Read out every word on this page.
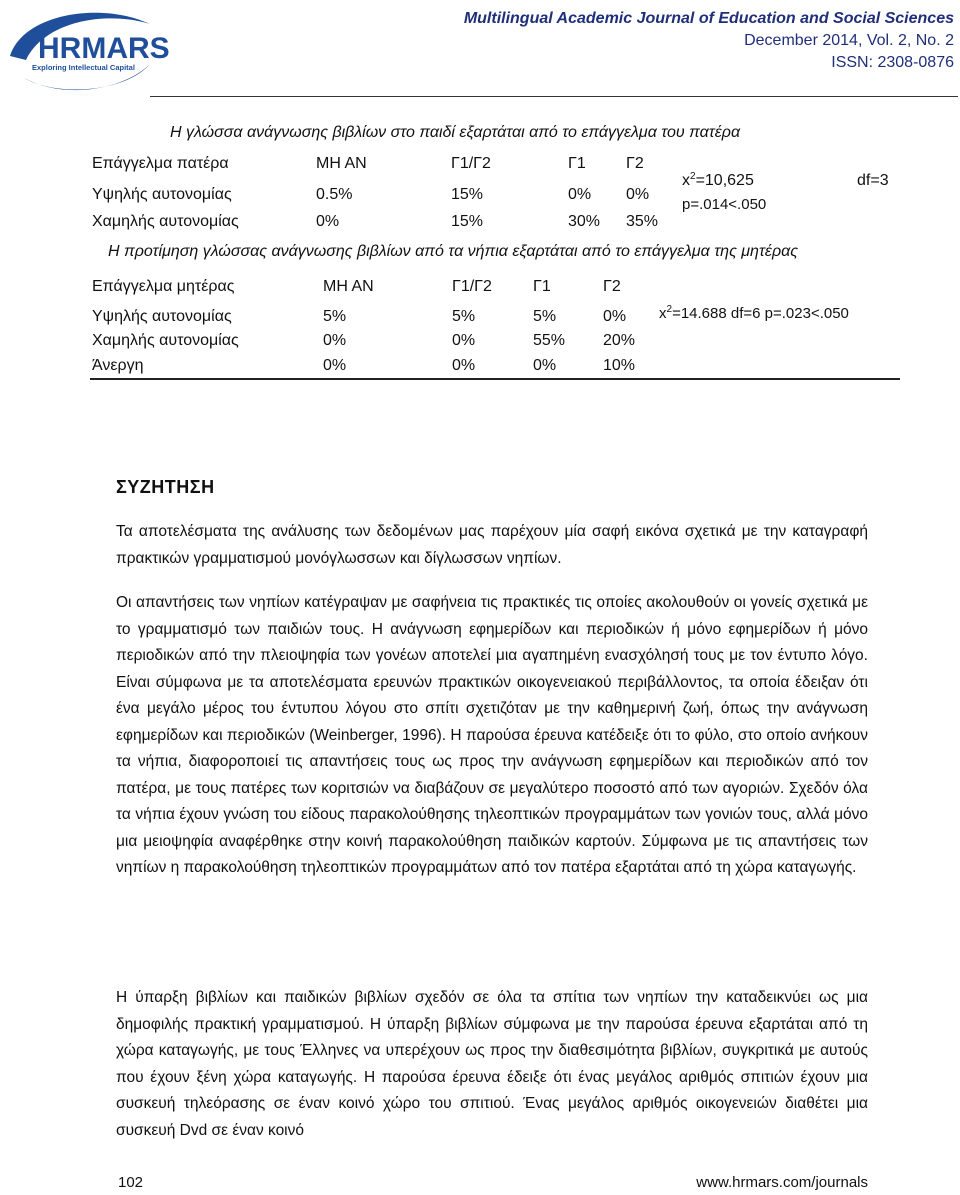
HRMARS
Exploring Intellectual Capital
Multilingual Academic Journal of Education and Social Sciences
December 2014, Vol. 2, No. 2
ISSN: 2308-0876
Η γλώσσα ανάγνωσης βιβλίων στο παιδί εξαρτάται από το επάγγελμα του πατέρα
Επάγγελμα πατέρα	ΜΗ ΑΝ	Γ1/Γ2	Γ1	Γ2
Υψηλής αυτονομίας	0.5%	15%	0% 0%
Χαμηλής αυτονομίας	0%	15%	30% 35%
$x^2=10,625$
p=.014<.050
df=3
Η προτίμηση γλώσσας ανάγνωσης βιβλίων από τα νήπια εξαρτάται από το επάγγελμα της μητέρας
Επάγγελμα μητέρας	ΜΗ ΑΝ	Γ1/Γ2	Γ1	Γ2
Υψηλής αυτονομίας	5%	5%	5%	0%
Χαμηλής αυτονομίας	0%	0%	55% 20%
Άνεργη	0%	0%	0%	10%
$x^2=14.688$ df=6 p=.023<.050
ΣΥΖΗΤΗΣΗ
Τα αποτελέσματα της ανάλυσης των δεδομένων μας παρέχουν μία σαφή εικόνα σχετικά με την καταγραφή πρακτικών γραμματισμού μονόγλωσσων και δίγλωσσων νηπίων.
Οι απαντήσεις των νηπίων κατέγραψαν με σαφήνεια τις πρακτικές τις οποίες ακολουθούν οι γονείς σχετικά με το γραμματισμό των παιδιών τους. Η ανάγνωση εφημερίδων και περιοδικών ή μόνο εφημερίδων ή μόνο περιοδικών από την πλειοψηφία των γονέων αποτελεί μια αγαπημένη ενασχόλησή τους με τον έντυπο λόγο. Είναι σύμφωνα με τα αποτελέσματα ερευνών πρακτικών οικογενειακού περιβάλλοντος, τα οποία έδειξαν ότι ένα μεγάλο μέρος του έντυπου λόγου στο σπίτι σχετιζόταν με την καθημερινή ζωή, όπως την ανάγνωση εφημερίδων και περιοδικών (Weinberger, 1996). Η παρούσα έρευνα κατέδειξε ότι το φύλο, στο οποίο ανήκουν τα νήπια, διαφοροποιεί τις απαντήσεις τους ως προς την ανάγνωση εφημερίδων και περιοδικών από τον πατέρα, με τους πατέρες των κοριτσιών να διαβάζουν σε μεγαλύτερο ποσοστό από των αγοριών. Σχεδόν όλα τα νήπια έχουν γνώση του είδους παρακολούθησης τηλεοπτικών προγραμμάτων των γονιών τους, αλλά μόνο μια μειοψηφία αναφέρθηκε στην κοινή παρακολούθηση παιδικών καρτούν. Σύμφωνα με τις απαντήσεις των νηπίων η παρακολούθηση τηλεοπτικών προγραμμάτων από τον πατέρα εξαρτάται από τη χώρα καταγωγής.
Η ύπαρξη βιβλίων και παιδικών βιβλίων σχεδόν σε όλα τα σπίτια των νηπίων την καταδεικνύει ως μια δημοφιλής πρακτική γραμματισμού. Η ύπαρξη βιβλίων σύμφωνα με την παρούσα έρευνα εξαρτάται από τη χώρα καταγωγής, με τους Έλληνες να υπερέχουν ως προς την διαθεσιμότητα βιβλίων, συγκριτικά με αυτούς που έχουν ξένη χώρα καταγωγής. Η παρούσα έρευνα έδειξε ότι ένας μεγάλος αριθμός σπιτιών έχουν μια συσκευή τηλεόρασης σε έναν κοινό χώρο του σπιτιού. Ένας μεγάλος αριθμός οικογενειών διαθέτει μια συσκευή Dvd σε έναν κοινό
102	www.hrmars.com/journals
